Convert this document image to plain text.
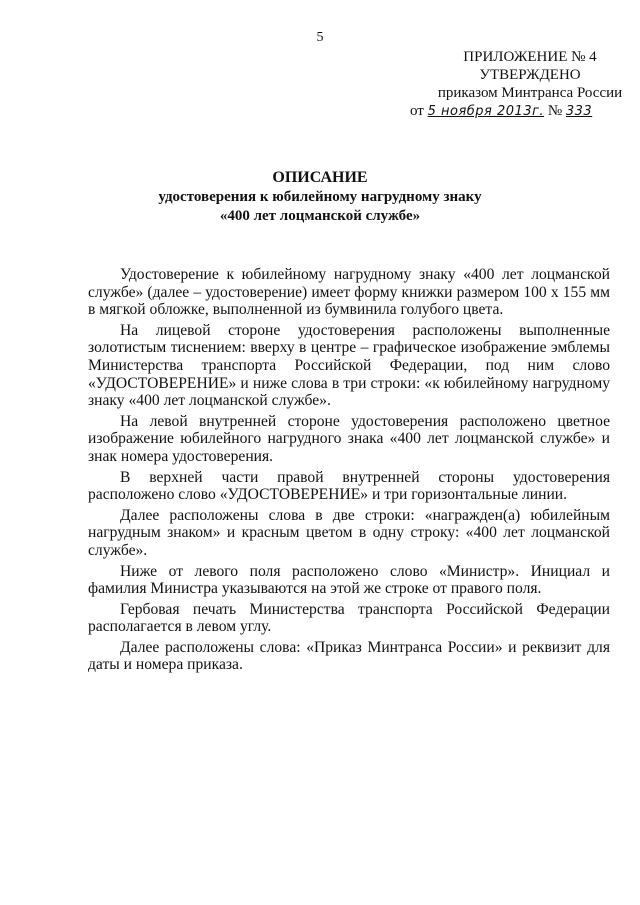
5
ПРИЛОЖЕНИЕ № 4
УТВЕРЖДЕНО
приказом Минтранса России
от 5 ноября 2013г. № 333
ОПИСАНИЕ
удостоверения к юбилейному нагрудному знаку
«400 лет лоцманской службе»

Удостоверение к юбилейному нагрудному знаку «400 лет лоцманской службе» (далее – удостоверение) имеет форму книжки размером 100 х 155 мм в мягкой обложке, выполненной из бумвинила голубого цвета.

На лицевой стороне удостоверения расположены выполненные золотистым тиснением: вверху в центре – графическое изображение эмблемы Министерства транспорта Российской Федерации, под ним слово «УДОСТОВЕРЕНИЕ» и ниже слова в три строки: «к юбилейному нагрудному знаку «400 лет лоцманской службе».

На левой внутренней стороне удостоверения расположено цветное изображение юбилейного нагрудного знака «400 лет лоцманской службе» и знак номера удостоверения.

В верхней части правой внутренней стороны удостоверения расположено слово «УДОСТОВЕРЕНИЕ» и три горизонтальные линии.

Далее расположены слова в две строки: «награжден(а) юбилейным нагрудным знаком» и красным цветом в одну строку: «400 лет лоцманской службе».

Ниже от левого поля расположено слово «Министр». Инициал и фамилия Министра указываются на этой же строке от правого поля.

Гербовая печать Министерства транспорта Российской Федерации располагается в левом углу.

Далее расположены слова: «Приказ Минтранса России» и реквизит для даты и номера приказа.
